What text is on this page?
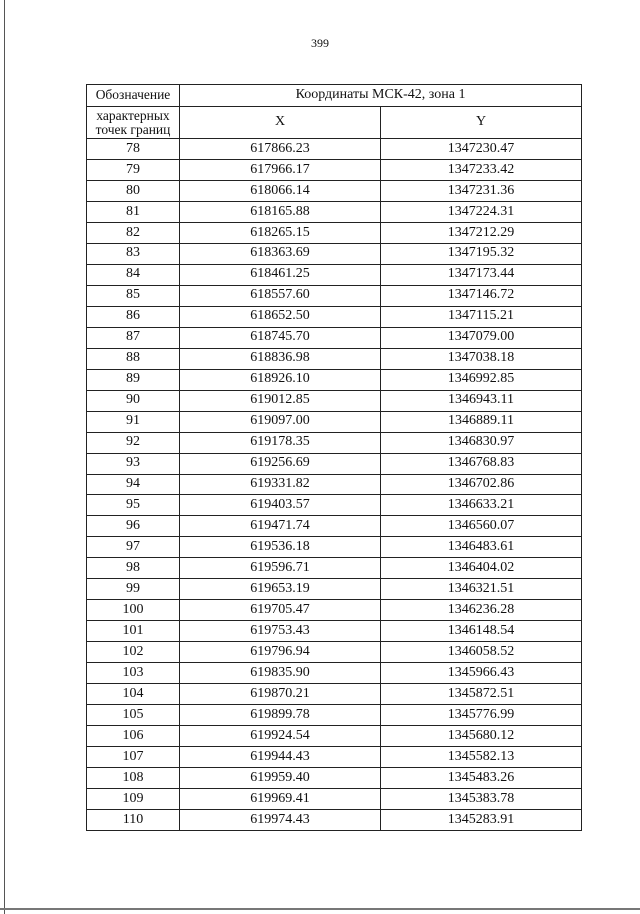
399
Обозначение	Координаты МСК-42, зона 1	
характерных точек границ	X	Y
78	617866.23	1347230.47
79	617966.17	1347233.42
80	618066.14	1347231.36
81	618165.88	1347224.31
82	618265.15	1347212.29
83	618363.69	1347195.32
84	618461.25	1347173.44
85	618557.60	1347146.72
86	618652.50	1347115.21
87	618745.70	1347079.00
88	618836.98	1347038.18
89	618926.10	1346992.85
90	619012.85	1346943.11
91	619097.00	1346889.11
92	619178.35	1346830.97
93	619256.69	1346768.83
94	619331.82	1346702.86
95	619403.57	1346633.21
96	619471.74	1346560.07
97	619536.18	1346483.61
98	619596.71	1346404.02
99	619653.19	1346321.51
100	619705.47	1346236.28
101	619753.43	1346148.54
102	619796.94	1346058.52
103	619835.90	1345966.43
104	619870.21	1345872.51
105	619899.78	1345776.99
106	619924.54	1345680.12
107	619944.43	1345582.13
108	619959.40	1345483.26
109	619969.41	1345383.78
110	619974.43	1345283.91
